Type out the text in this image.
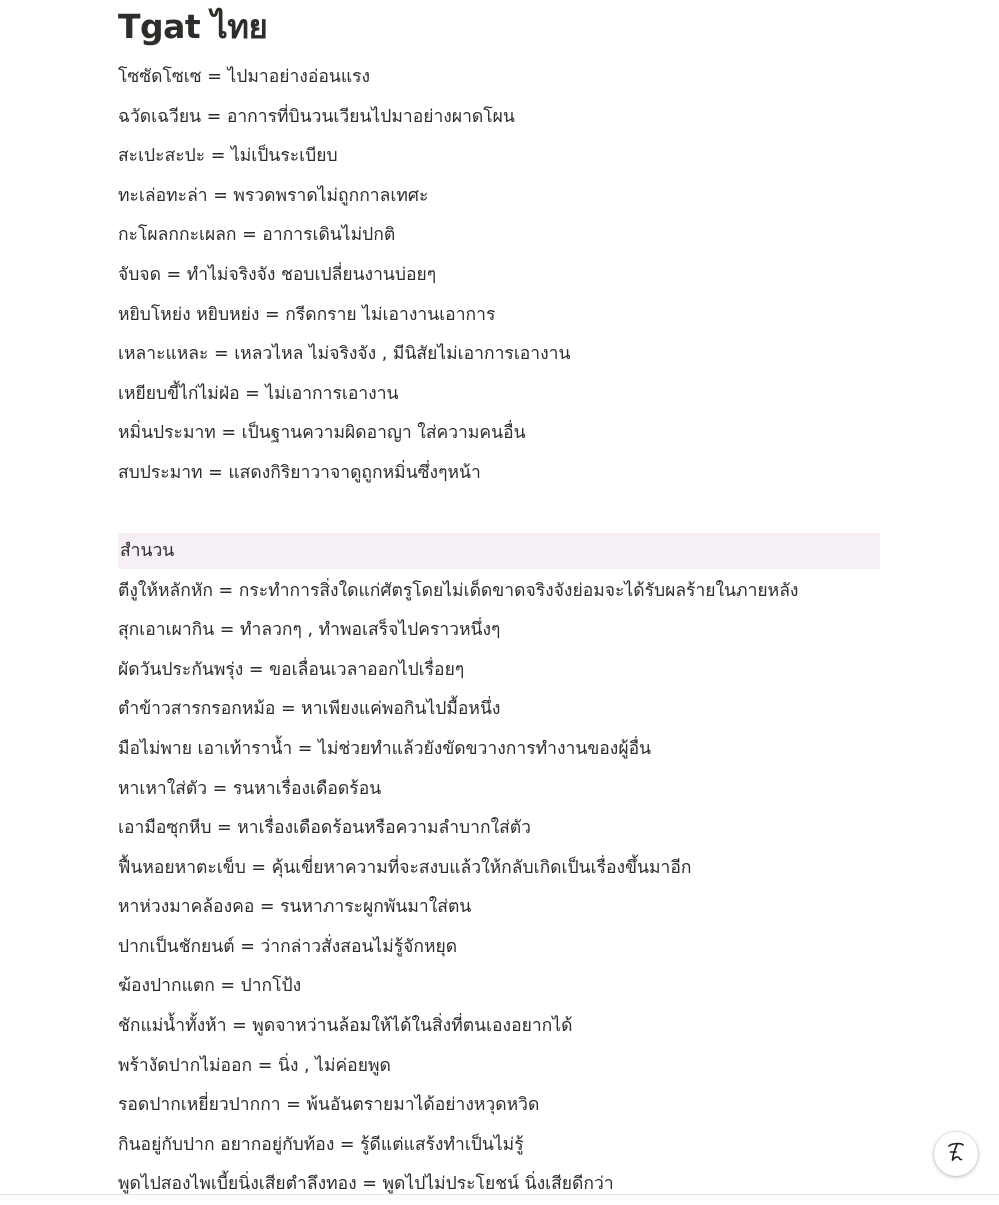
Tgat ไทย
โซซัดโซเซ = ไปมาอย่างอ่อนแรง
ฉวัดเฉวียน = อาการที่บินวนเวียนไปมาอย่างผาดโผน
สะเปะสะปะ = ไม่เป็นระเบียบ
ทะเล่อทะล่า = พรวดพราดไม่ถูกกาลเทศะ
กะโผลกกะเผลก = อาการเดินไม่ปกติ
จับจด = ทำไม่จริงจัง ชอบเปลี่ยนงานบ่อยๆ
หยิบโหย่ง หยิบหย่ง = กรีดกราย ไม่เอางานเอาการ
เหลาะแหละ = เหลวไหล ไม่จริงจัง , มีนิสัยไม่เอาการเอางาน
เหยียบขี้ไก่ไม่ฝ่อ = ไม่เอาการเอางาน
หมิ่นประมาท = เป็นฐานความผิดอาญา ใส่ความคนอื่น
สบประมาท = แสดงกิริยาวาจาดูถูกหมิ่นซึ่งๆหน้า
สำนวน
ตีงูให้หลักหัก = กระทำการสิ่งใดแก่ศัตรูโดยไม่เด็ดขาดจริงจังย่อมจะได้รับผลร้ายในภายหลัง
สุกเอาเผากิน = ทำลวกๆ , ทำพอเสร็จไปคราวหนึ่งๆ
ผัดวันประกันพรุ่ง = ขอเลื่อนเวลาออกไปเรื่อยๆ
ตำข้าวสารกรอกหม้อ = หาเพียงแค่พอกินไปมื้อหนึ่ง
มือไม่พาย เอาเท้าราน้ำ = ไม่ช่วยทำแล้วยังขัดขวางการทำงานของผู้อื่น
หาเหาใส่ตัว = รนหาเรื่องเดือดร้อน
เอามือซุกหีบ = หาเรื่องเดือดร้อนหรือความลำบากใส่ตัว
ฟื้นหอยหาตะเข็บ = คุ้นเขี่ยหาความที่จะสงบแล้วให้กลับเกิดเป็นเรื่องขึ้นมาอีก
หาห่วงมาคล้องคอ = รนหาภาระผูกพันมาใส่ตน
ปากเป็นชักยนต์ = ว่ากล่าวสั่งสอนไม่รู้จักหยุด
ฆ้องปากแตก = ปากโป้ง
ชักแม่น้ำทั้งห้า = พูดจาหว่านล้อมให้ได้ในสิ่งที่ตนเองอยากได้
พร้างัดปากไม่ออก = นิ่ง , ไม่ค่อยพูด
รอดปากเหยี่ยวปากกา = พ้นอันตรายมาได้อย่างหวุดหวิด
กินอยู่กับปาก อยากอยู่กับท้อง = รู้ดีแต่แสร้งทำเป็นไม่รู้
พูดไปสองไพเบี้ยนิ่งเสียตำลึงทอง = พูดไปไม่ประโยชน์ นิ่งเสียดีกว่า
